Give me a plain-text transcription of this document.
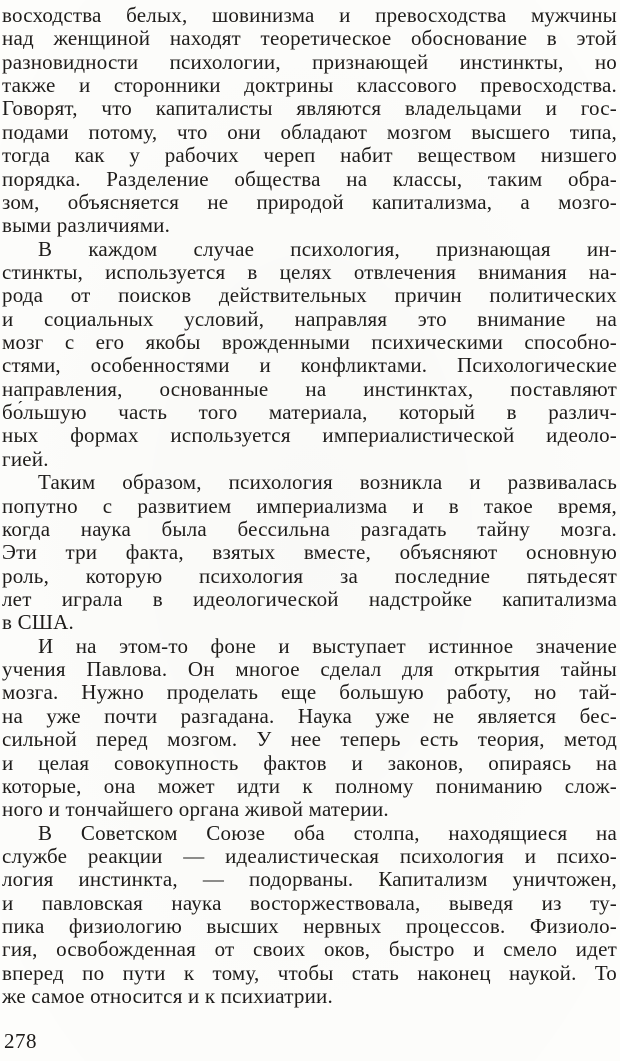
восходства белых, шовинизма и превосходства мужчины
над женщиной находят теоретическое обоснование в этой
разновидности психологии, признающей инстинкты, но
также и сторонники доктрины классового превосходства.
Говорят, что капиталисты являются владельцами и гос-
подами потому, что они обладают мозгом высшего типа,
тогда как у рабочих череп набит веществом низшего
порядка. Разделение общества на классы, таким обра-
зом, объясняется не природой капитализма, а мозго-
выми различиями.
В каждом случае психология, признающая ин-
стинкты, используется в целях отвлечения внимания на-
рода от поисков действительных причин политических
и социальных условий, направляя это внимание на
мозг с его якобы врожденными психическими способно-
стями, особенностями и конфликтами. Психологические
направления, основанные на инстинктах, поставляют
бо́льшую часть того материала, который в различ-
ных формах используется империалистической идеоло-
гией.
Таким образом, психология возникла и развивалась
попутно с развитием империализма и в такое время,
когда наука была бессильна разгадать тайну мозга.
Эти три факта, взятых вместе, объясняют основную
роль, которую психология за последние пятьдесят
лет играла в идеологической надстройке капитализма
в США.
И на этом-то фоне и выступает истинное значение
учения Павлова. Он многое сделал для открытия тайны
мозга. Нужно проделать еще большую работу, но тай-
на уже почти разгадана. Наука уже не является бес-
сильной перед мозгом. У нее теперь есть теория, метод
и целая совокупность фактов и законов, опираясь на
которые, она может идти к полному пониманию слож-
ного и тончайшего органа живой материи.
В Советском Союзе оба столпа, находящиеся на
службе реакции — идеалистическая психология и психо-
логия инстинкта, — подорваны. Капитализм уничтожен,
и павловская наука восторжествовала, выведя из ту-
пика физиологию высших нервных процессов. Физиоло-
гия, освобожденная от своих оков, быстро и смело идет
вперед по пути к тому, чтобы стать наконец наукой. То
же самое относится и к психиатрии.
278
